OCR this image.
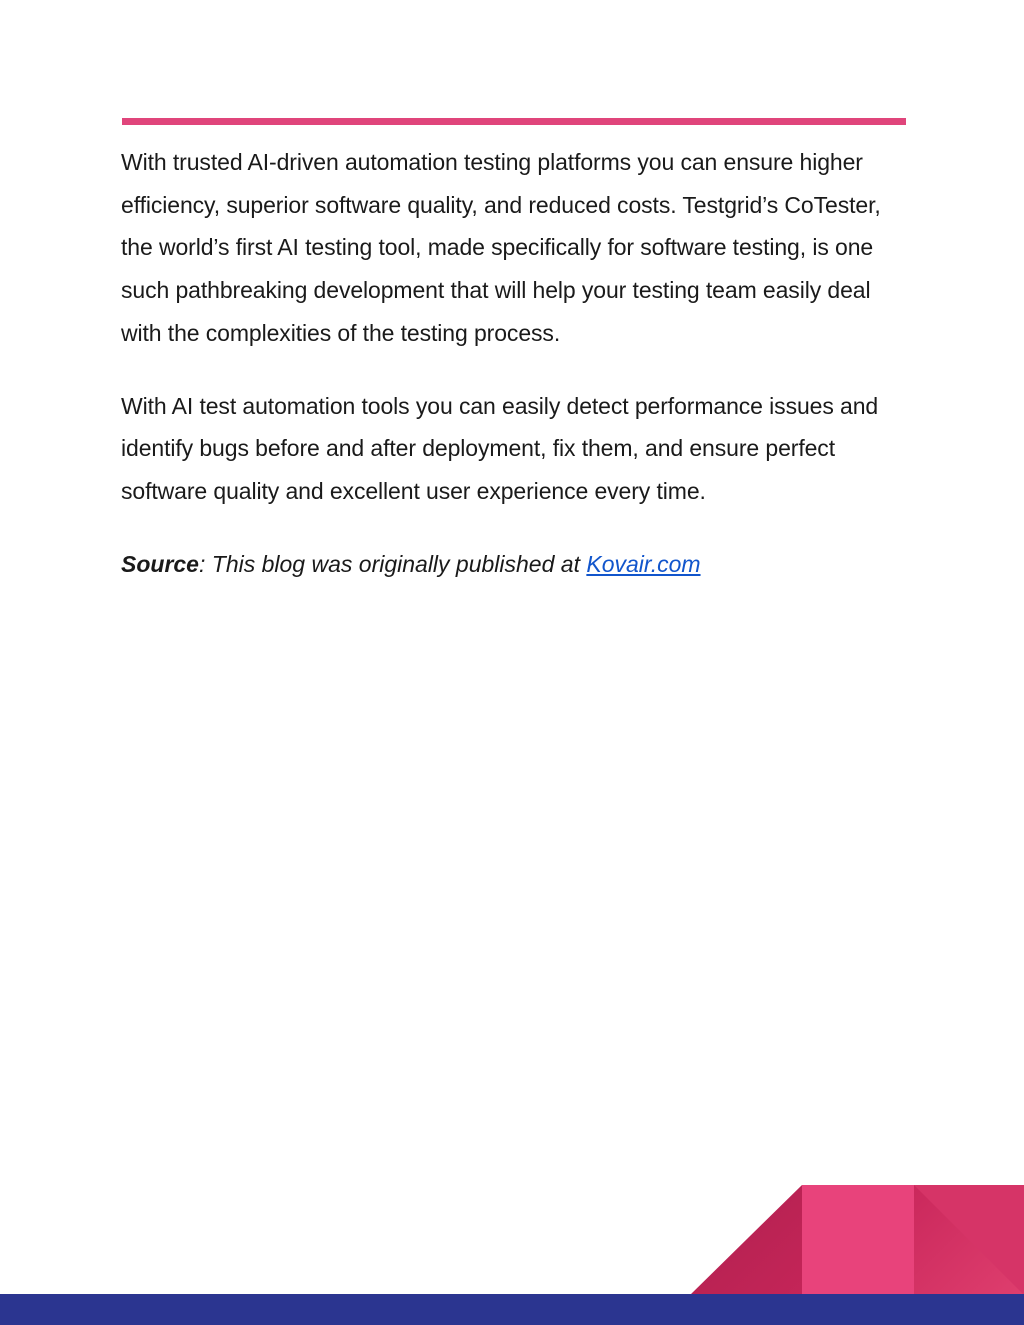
With trusted AI-driven automation testing platforms you can ensure higher efficiency, superior software quality, and reduced costs. Testgrid’s CoTester, the world’s first AI testing tool, made specifically for software testing, is one such pathbreaking development that will help your testing team easily deal with the complexities of the testing process.

With AI test automation tools you can easily detect performance issues and identify bugs before and after deployment, fix them, and ensure perfect software quality and excellent user experience every time.

Source: This blog was originally published at Kovair.com
